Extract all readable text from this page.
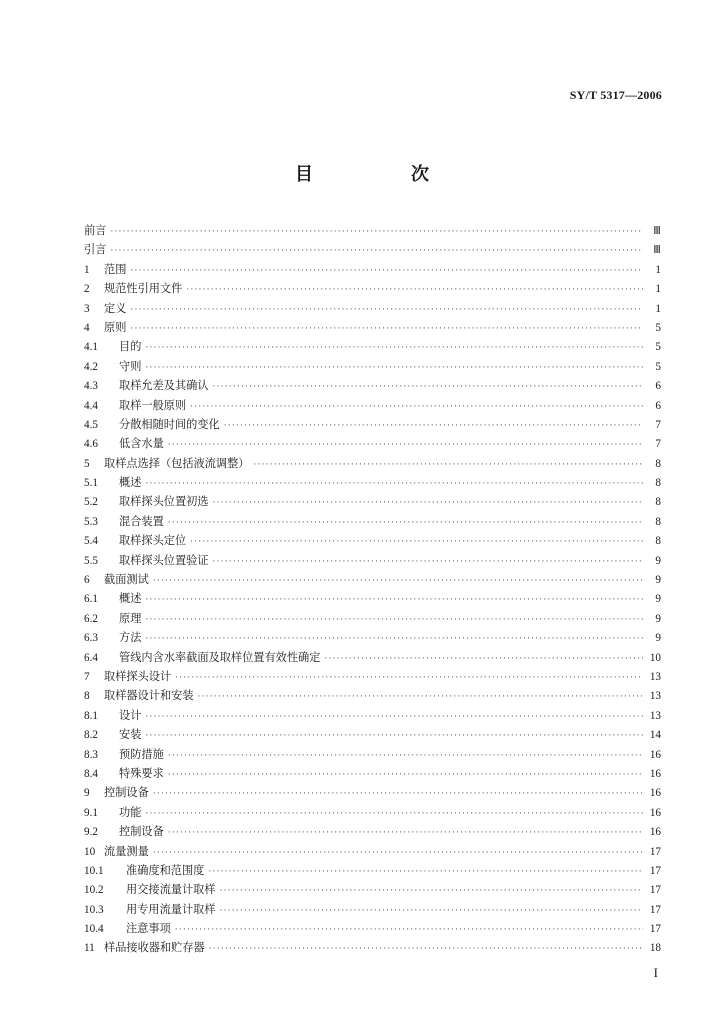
SY/T 5317—2006
目　次
前言 ·····	Ⅲ
引言 ·····	Ⅲ
1	范围 ·····	1
2	规范性引用文件 ·····	1
3	定义 ·····	1
4	原则 ·····	5
4.1	目的 ·····	5
4.2	守则 ·····	5
4.3	取样允差及其确认 ·····	6
4.4	取样一般原则 ·····	6
4.5	分散相随时间的变化 ·····	7
4.6	低含水量 ·····	7
5	取样点选择（包括液流调整） ·····	8
5.1	概述 ·····	8
5.2	取样探头位置初选 ·····	8
5.3	混合装置 ·····	8
5.4	取样探头定位 ·····	8
5.5	取样探头位置验证 ·····	9
6	截面测试 ·····	9
6.1	概述 ·····	9
6.2	原理 ·····	9
6.3	方法 ·····	9
6.4	管线内含水率截面及取样位置有效性确定 ·····	10
7	取样探头设计 ·····	13
8	取样器设计和安装 ·····	13
8.1	设计 ·····	13
8.2	安装 ·····	14
8.3	预防措施 ·····	16
8.4	特殊要求 ·····	16
9	控制设备 ·····	16
9.1	功能 ·····	16
9.2	控制设备 ·····	16
10 流量测量 ·····	17
10.1	准确度和范围度 ·····	17
10.2	用交接流量计取样 ·····	17
10.3	用专用流量计取样 ·····	17
10.4	注意事项 ·····	17
11 样品接收器和贮存器 ·····	18
I
